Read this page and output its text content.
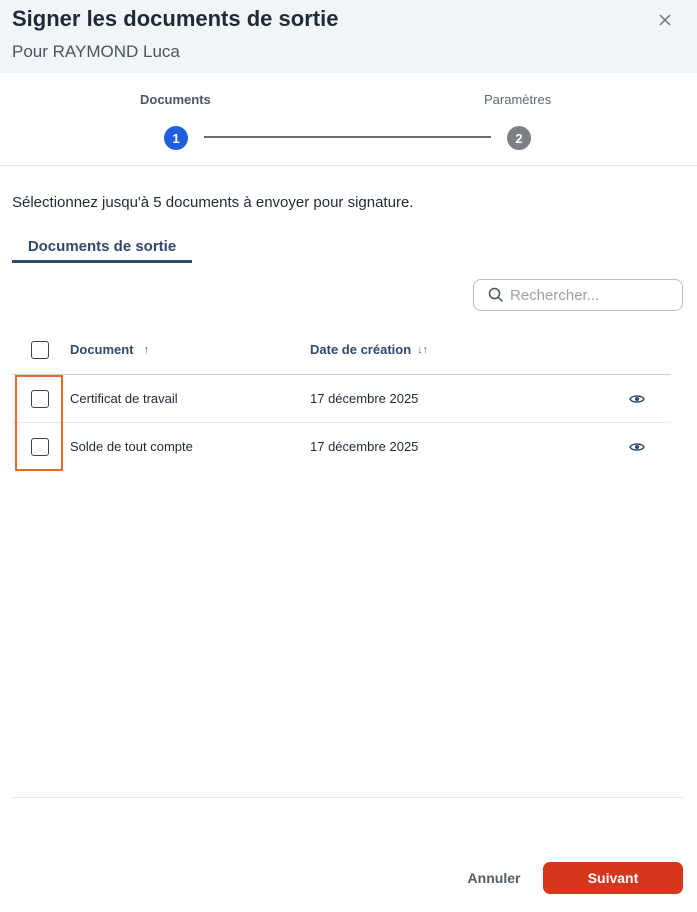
Signer les documents de sortie
Pour RAYMOND Luca
Documents	Paramètres
1	2
Sélectionnez jusqu'à 5 documents à envoyer pour signature.
Documents de sortie
Rechercher...
Document ↑	Date de création ↓↑
Certificat de travail	17 décembre 2025
Solde de tout compte	17 décembre 2025
Annuler	Suivant
